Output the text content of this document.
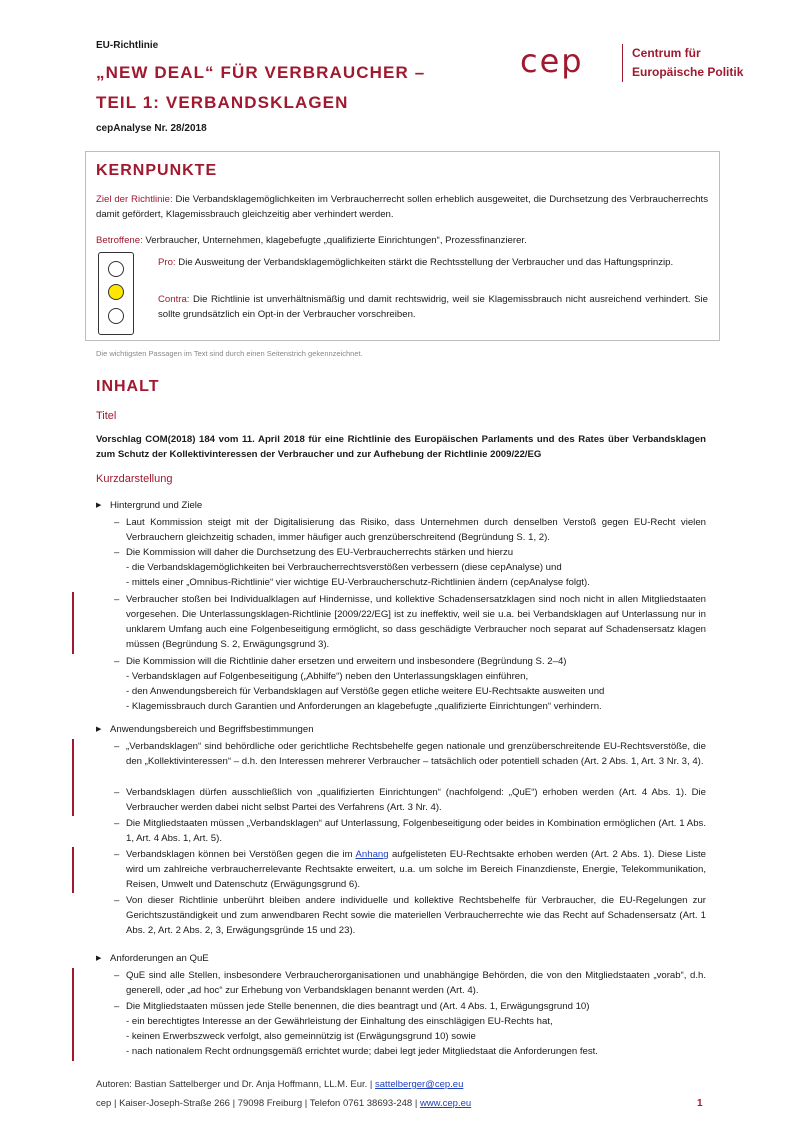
EU-Richtlinie
„NEW DEAL“ FÜR VERBRAUCHER –
TEIL 1: VERBANDSKLAGEN
cepAnalyse Nr. 28/2018
cep	Centrum für
Europäische Politik
KERNPUNKTE
Ziel der Richtlinie: Die Verbandsklagemöglichkeiten im Verbraucherrecht sollen erheblich ausgeweitet, die Durchsetzung des Verbraucherrechts damit gefördert, Klagemissbrauch gleichzeitig aber verhindert werden.
Betroffene: Verbraucher, Unternehmen, klagebefugte „qualifizierte Einrichtungen“, Prozessfinanzierer.
Pro: Die Ausweitung der Verbandsklagemöglichkeiten stärkt die Rechtsstellung der Verbraucher und das Haftungsprinzip.
Contra: Die Richtlinie ist unverhältnismäßig und damit rechtswidrig, weil sie Klagemissbrauch nicht ausreichend verhindert. Sie sollte grundsätzlich ein Opt-in der Verbraucher vorschreiben.
Die wichtigsten Passagen im Text sind durch einen Seitenstrich gekennzeichnet.
INHALT
Titel
Vorschlag COM(2018) 184 vom 11. April 2018 für eine Richtlinie des Europäischen Parlaments und des Rates über Verbandsklagen zum Schutz der Kollektivinteressen der Verbraucher und zur Aufhebung der Richtlinie 2009/22/EG
Kurzdarstellung
▶ Hintergrund und Ziele
– Laut Kommission steigt mit der Digitalisierung das Risiko, dass Unternehmen durch denselben Verstoß gegen EU-Recht vielen Verbrauchern gleichzeitig schaden, immer häufiger auch grenzüberschreitend (Begründung S. 1, 2).
– Die Kommission will daher die Durchsetzung des EU-Verbraucherrechts stärken und hierzu
- die Verbandsklagemöglichkeiten bei Verbraucherrechtsverstößen verbessern (diese cepAnalyse) und
- mittels einer „Omnibus-Richtlinie“ vier wichtige EU-Verbraucherschutz-Richtlinien ändern (cepAnalyse folgt).
– Verbraucher stoßen bei Individualklagen auf Hindernisse, und kollektive Schadensersatzklagen sind noch nicht in allen Mitgliedstaaten vorgesehen. Die Unterlassungsklagen-Richtlinie [2009/22/EG] ist zu ineffektiv, weil sie u.a. bei Verbandsklagen auf Unterlassung nur in unklarem Umfang auch eine Folgenbeseitigung ermöglicht, so dass geschädigte Verbraucher noch separat auf Schadensersatz klagen müssen (Begründung S. 2, Erwägungsgrund 3).
– Die Kommission will die Richtlinie daher ersetzen und erweitern und insbesondere (Begründung S. 2–4)
- Verbandsklagen auf Folgenbeseitigung („Abhilfe“) neben den Unterlassungsklagen einführen,
- den Anwendungsbereich für Verbandsklagen auf Verstöße gegen etliche weitere EU-Rechtsakte ausweiten und
- Klagemissbrauch durch Garantien und Anforderungen an klagebefugte „qualifizierte Einrichtungen“ verhindern.
▶ Anwendungsbereich und Begriffsbestimmungen
– „Verbandsklagen“ sind behördliche oder gerichtliche Rechtsbehelfe gegen nationale und grenzüberschreitende EU-Rechtsverstöße, die den „Kollektivinteressen“ – d.h. den Interessen mehrerer Verbraucher – tatsächlich oder potentiell schaden (Art. 2 Abs. 1, Art. 3 Nr. 3, 4).
– Verbandsklagen dürfen ausschließlich von „qualifizierten Einrichtungen“ (nachfolgend: „QuE“) erhoben werden (Art. 4 Abs. 1). Die Verbraucher werden dabei nicht selbst Partei des Verfahrens (Art. 3 Nr. 4).
– Die Mitgliedstaaten müssen „Verbandsklagen“ auf Unterlassung, Folgenbeseitigung oder beides in Kombination ermöglichen (Art. 1 Abs. 1, Art. 4 Abs. 1, Art. 5).
– Verbandsklagen können bei Verstößen gegen die im Anhang aufgelisteten EU-Rechtsakte erhoben werden (Art. 2 Abs. 1). Diese Liste wird um zahlreiche verbraucherrelevante Rechtsakte erweitert, u.a. um solche im Bereich Finanzdienste, Energie, Telekommunikation, Reisen, Umwelt und Datenschutz (Erwägungsgrund 6).
– Von dieser Richtlinie unberührt bleiben andere individuelle und kollektive Rechtsbehelfe für Verbraucher, die EU-Regelungen zur Gerichtszuständigkeit und zum anwendbaren Recht sowie die materiellen Verbraucherrechte wie das Recht auf Schadensersatz (Art. 1 Abs. 2, Art. 2 Abs. 2, 3, Erwägungsgründe 15 und 23).
▶ Anforderungen an QuE
– QuE sind alle Stellen, insbesondere Verbraucherorganisationen und unabhängige Behörden, die von den Mitgliedstaaten „vorab“, d.h. generell, oder „ad hoc“ zur Erhebung von Verbandsklagen benannt werden (Art. 4).
– Die Mitgliedstaaten müssen jede Stelle benennen, die dies beantragt und (Art. 4 Abs. 1, Erwägungsgrund 10)
- ein berechtigtes Interesse an der Gewährleistung der Einhaltung des einschlägigen EU-Rechts hat,
- keinen Erwerbszweck verfolgt, also gemeinnützig ist (Erwägungsgrund 10) sowie
- nach nationalem Recht ordnungsgemäß errichtet wurde; dabei legt jeder Mitgliedstaat die Anforderungen fest.
Autoren: Bastian Sattelberger und Dr. Anja Hoffmann, LL.M. Eur. | sattelberger@cep.eu
cep | Kaiser-Joseph-Straße 266 | 79098 Freiburg | Telefon 0761 38693-248 | www.cep.eu	1
